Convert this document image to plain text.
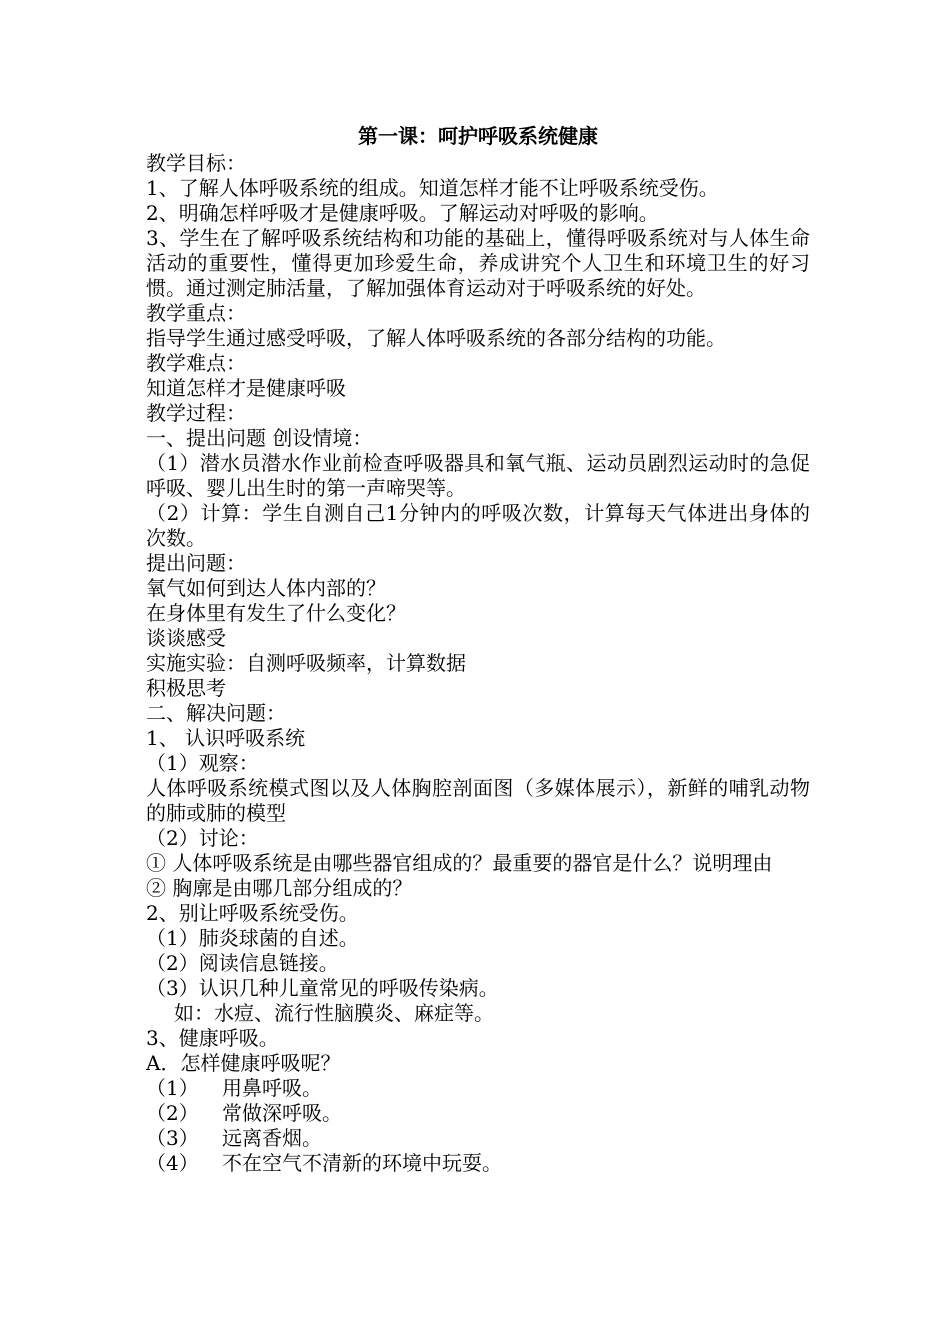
第一课：呵护呼吸系统健康

教学目标：

1、了解人体呼吸系统的组成。知道怎样才能不让呼吸系统受伤。

2、明确怎样呼吸才是健康呼吸。了解运动对呼吸的影响。

3、学生在了解呼吸系统结构和功能的基础上，懂得呼吸系统对与人体生命活动的重要性，懂得更加珍爱生命，养成讲究个人卫生和环境卫生的好习惯。通过测定肺活量，了解加强体育运动对于呼吸系统的好处。

教学重点：

指导学生通过感受呼吸，了解人体呼吸系统的各部分结构的功能。

教学难点：

知道怎样才是健康呼吸

教学过程：

一、提出问题 创设情境：

（1）潜水员潜水作业前检查呼吸器具和氧气瓶、运动员剧烈运动时的急促呼吸、婴儿出生时的第一声啼哭等。

（2）计算：学生自测自己1分钟内的呼吸次数，计算每天气体进出身体的次数。

提出问题：

氧气如何到达人体内部的？

在身体里有发生了什么变化？

谈谈感受

实施实验：自测呼吸频率，计算数据

积极思考

二、解决问题：

1、 认识呼吸系统

（1）观察：

人体呼吸系统模式图以及人体胸腔剖面图（多媒体展示），新鲜的哺乳动物的肺或肺的模型

（2）讨论：

① 人体呼吸系统是由哪些器官组成的？最重要的器官是什么？说明理由

② 胸廓是由哪几部分组成的？

2、别让呼吸系统受伤。

（1）肺炎球菌的自述。

（2）阅读信息链接。

（3）认识几种儿童常见的呼吸传染病。

如：水痘、流行性脑膜炎、麻症等。

3、健康呼吸。

A．怎样健康呼吸呢？

（1） 用鼻呼吸。

（2） 常做深呼吸。

（3） 远离香烟。

（4） 不在空气不清新的环境中玩耍。
